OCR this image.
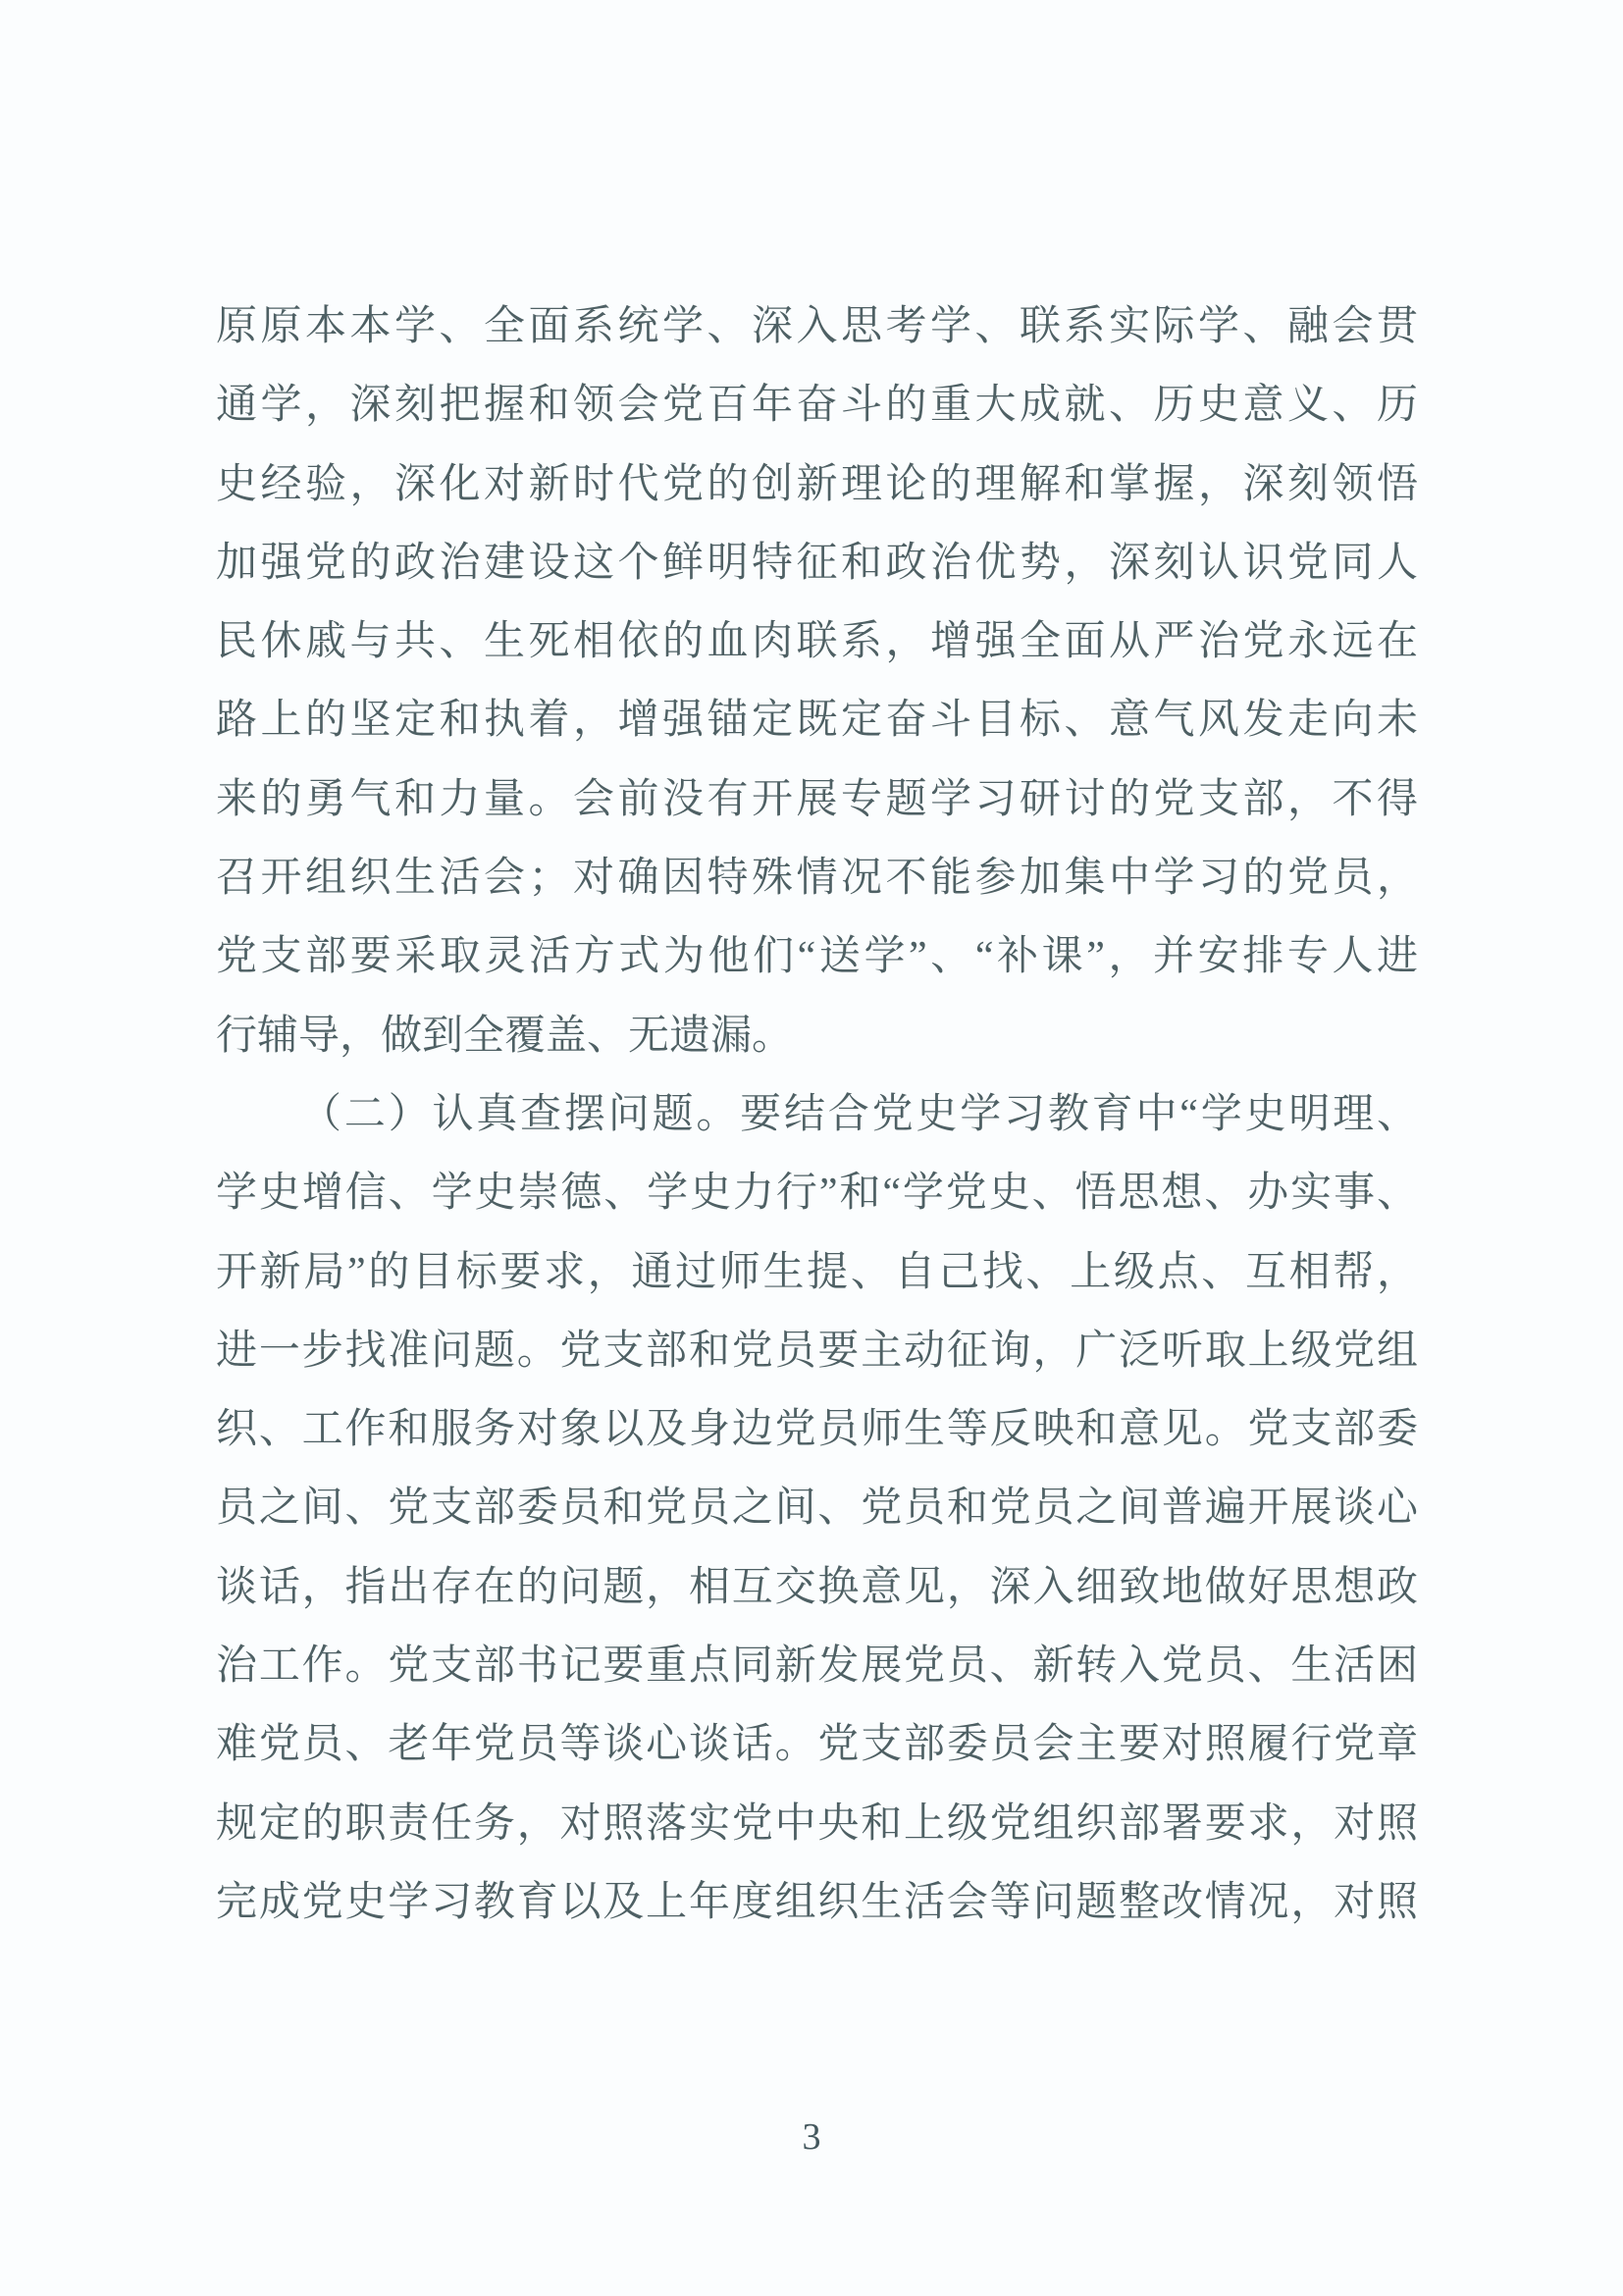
原原本本学、全面系统学、深入思考学、联系实际学、融会贯
通学，深刻把握和领会党百年奋斗的重大成就、历史意义、历
史经验，深化对新时代党的创新理论的理解和掌握，深刻领悟
加强党的政治建设这个鲜明特征和政治优势，深刻认识党同人
民休戚与共、生死相依的血肉联系，增强全面从严治党永远在
路上的坚定和执着，增强锚定既定奋斗目标、意气风发走向未
来的勇气和力量。会前没有开展专题学习研讨的党支部，不得
召开组织生活会；对确因特殊情况不能参加集中学习的党员，
党支部要采取灵活方式为他们“送学”、“补课”，并安排专人进
行辅导，做到全覆盖、无遗漏。
（二）认真查摆问题。要结合党史学习教育中“学史明理、
学史增信、学史崇德、学史力行”和“学党史、悟思想、办实事、
开新局”的目标要求，通过师生提、自己找、上级点、互相帮，
进一步找准问题。党支部和党员要主动征询，广泛听取上级党组
织、工作和服务对象以及身边党员师生等反映和意见。党支部委
员之间、党支部委员和党员之间、党员和党员之间普遍开展谈心
谈话，指出存在的问题，相互交换意见，深入细致地做好思想政
治工作。党支部书记要重点同新发展党员、新转入党员、生活困
难党员、老年党员等谈心谈话。党支部委员会主要对照履行党章
规定的职责任务，对照落实党中央和上级党组织部署要求，对照
完成党史学习教育以及上年度组织生活会等问题整改情况，对照
3
